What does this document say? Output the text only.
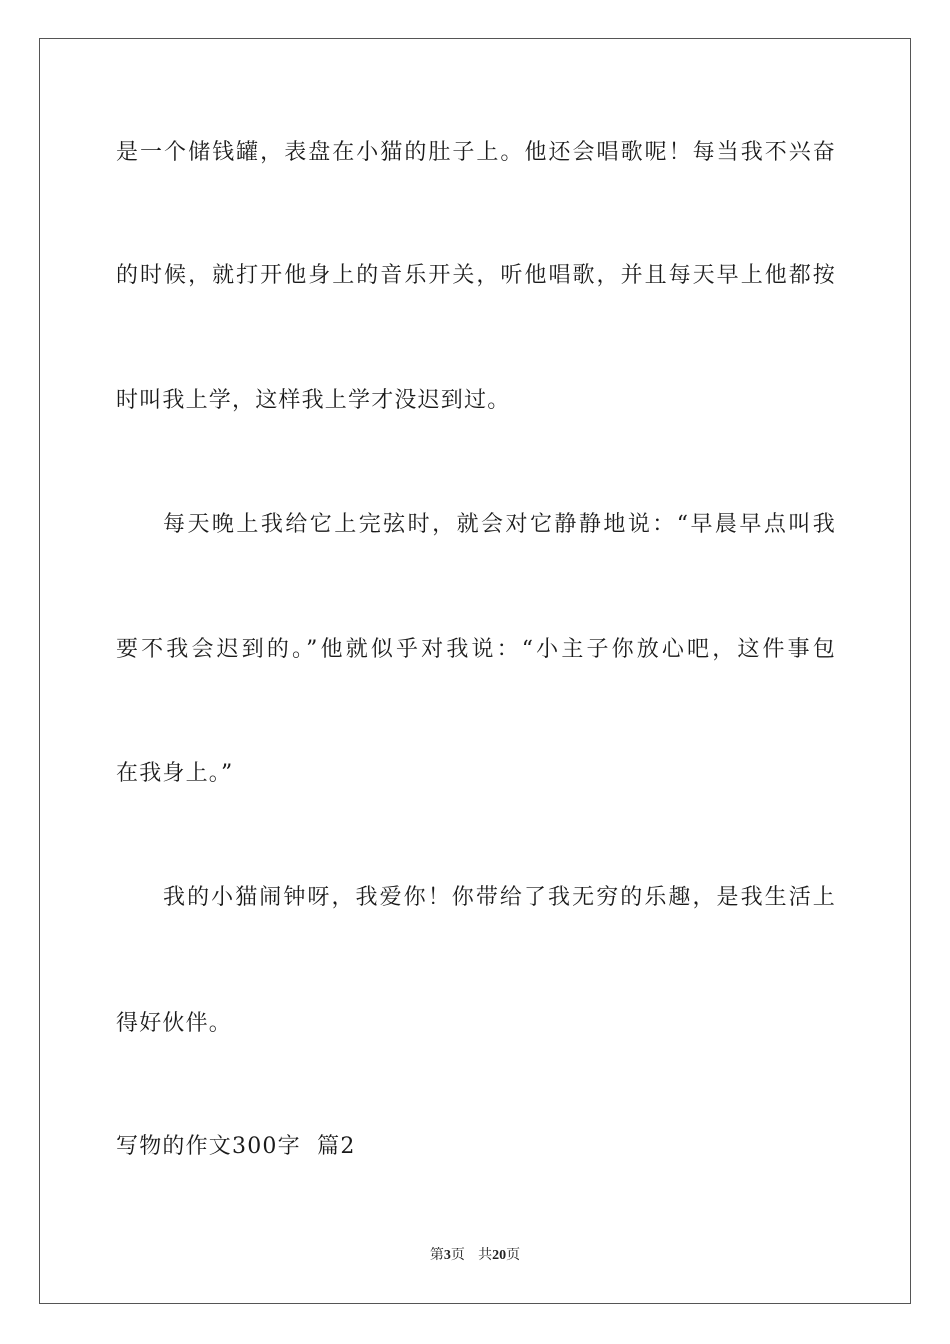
是一个储钱罐，表盘在小猫的肚子上。他还会唱歌呢！每当我不兴奋
的时候，就打开他身上的音乐开关，听他唱歌，并且每天早上他都按
时叫我上学，这样我上学才没迟到过。
每天晚上我给它上完弦时，就会对它静静地说：“早晨早点叫我
要不我会迟到的。”他就似乎对我说：“小主子你放心吧，这件事包
在我身上。”
我的小猫闹钟呀，我爱你！你带给了我无穷的乐趣，是我生活上
得好伙伴。
写物的作文300字  篇2
第3页   共20页
